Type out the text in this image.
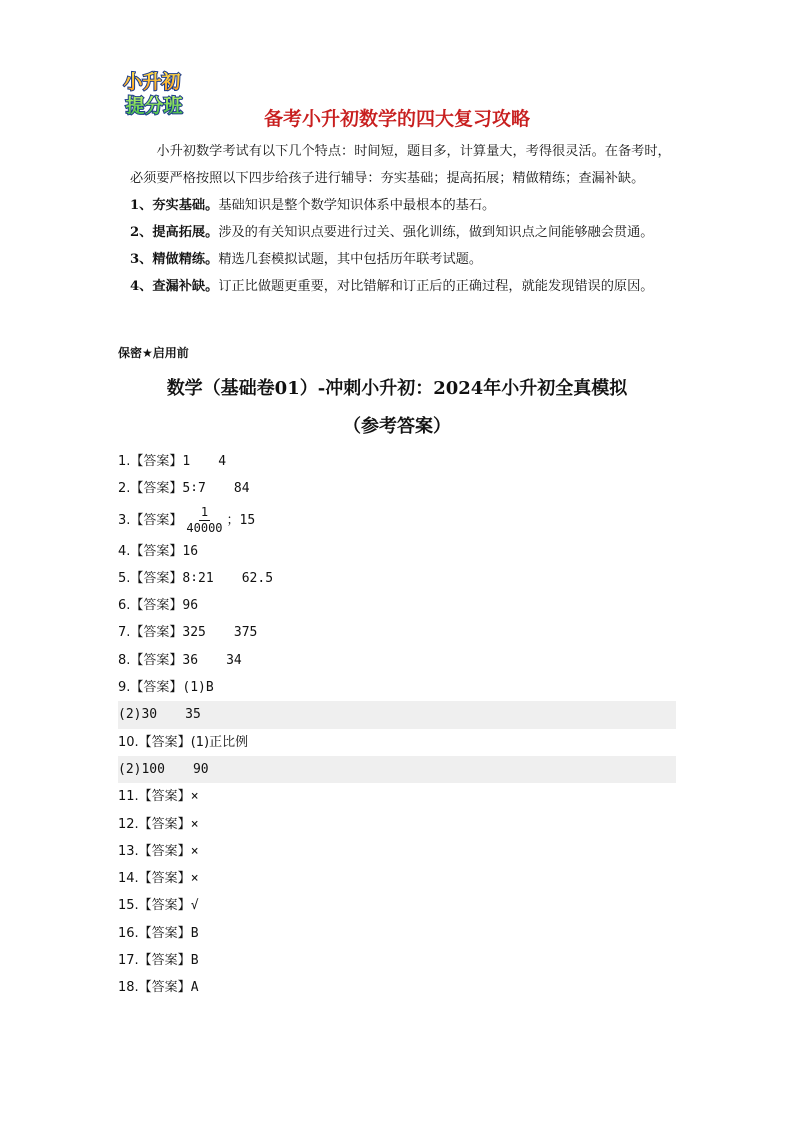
小升初
提分班
备考小升初数学的四大复习攻略

小升初数学考试有以下几个特点：时间短，题目多，计算量大，考得很灵活。在备考时，必须要严格按照以下四步给孩子进行辅导：夯实基础；提高拓展；精做精练；查漏补缺。

1、夯实基础。基础知识是整个数学知识体系中最根本的基石。

2、提高拓展。涉及的有关知识点要进行过关、强化训练，做到知识点之间能够融会贯通。

3、精做精练。精选几套模拟试题，其中包括历年联考试题。

4、查漏补缺。订正比做题更重要，对比错解和订正后的正确过程，就能发现错误的原因。

保密★启用前
数学（基础卷01）-冲刺小升初：2024年小升初全真模拟
（参考答案）
1.【答案】1 4
2.【答案】5∶7 84
3.【答案】 $\frac{1}{40000}$ ；15
4.【答案】16
5.【答案】8∶21 62.5
6.【答案】96
7.【答案】325 375
8.【答案】36 34
9.【答案】(1)B
(2)30 35
10.【答案】(1)正比例
(2)100 90
11.【答案】×
12.【答案】×
13.【答案】×
14.【答案】×
15.【答案】√
16.【答案】B
17.【答案】B
18.【答案】A
